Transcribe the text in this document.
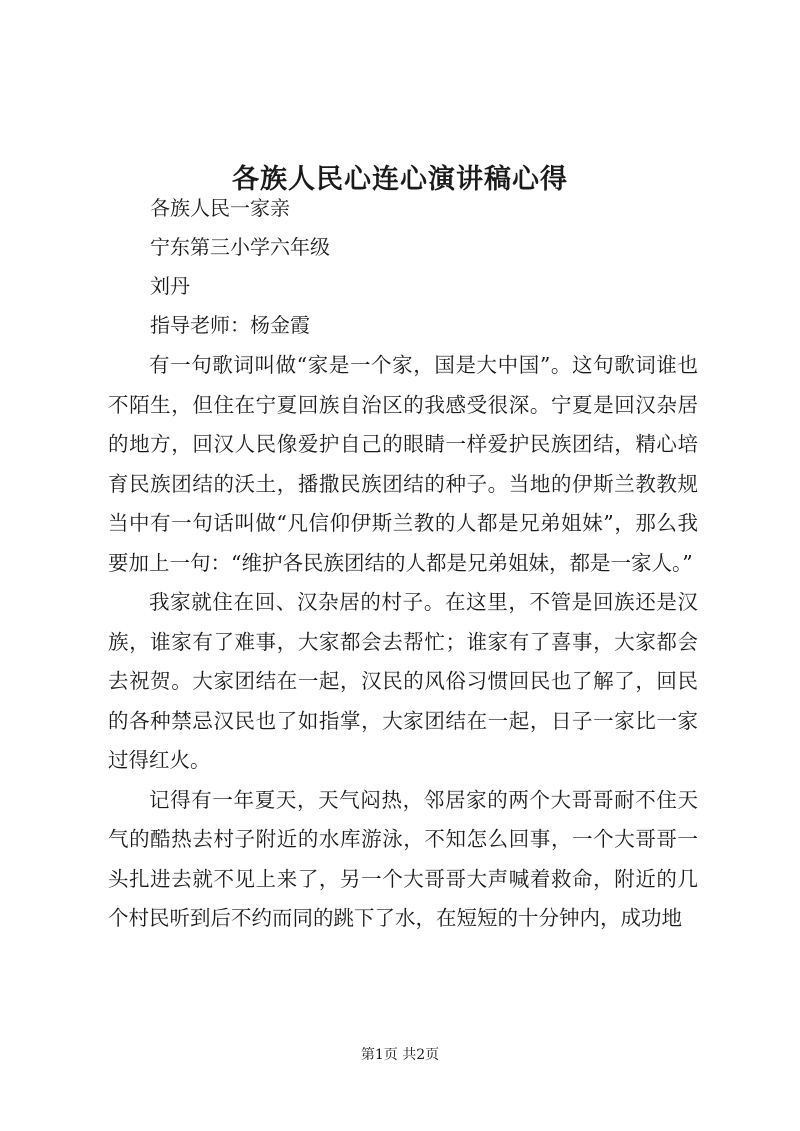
各族人民心连心演讲稿心得
各族人民一家亲
宁东第三小学六年级
刘丹
指导老师：杨金霞

有一句歌词叫做“家是一个家，国是大中国”。这句歌词谁也不陌生，但住在宁夏回族自治区的我感受很深。宁夏是回汉杂居的地方，回汉人民像爱护自己的眼睛一样爱护民族团结，精心培育民族团结的沃土，播撒民族团结的种子。当地的伊斯兰教教规当中有一句话叫做“凡信仰伊斯兰教的人都是兄弟姐妹”，那么我要加上一句：“维护各民族团结的人都是兄弟姐妹，都是一家人。”

我家就住在回、汉杂居的村子。在这里，不管是回族还是汉族，谁家有了难事，大家都会去帮忙；谁家有了喜事，大家都会去祝贺。大家团结在一起，汉民的风俗习惯回民也了解了，回民的各种禁忌汉民也了如指掌，大家团结在一起，日子一家比一家过得红火。

记得有一年夏天，天气闷热，邻居家的两个大哥哥耐不住天气的酷热去村子附近的水库游泳，不知怎么回事，一个大哥哥一头扎进去就不见上来了，另一个大哥哥大声喊着救命，附近的几个村民听到后不约而同的跳下了水，在短短的十分钟内，成功地

第1页 共2页
